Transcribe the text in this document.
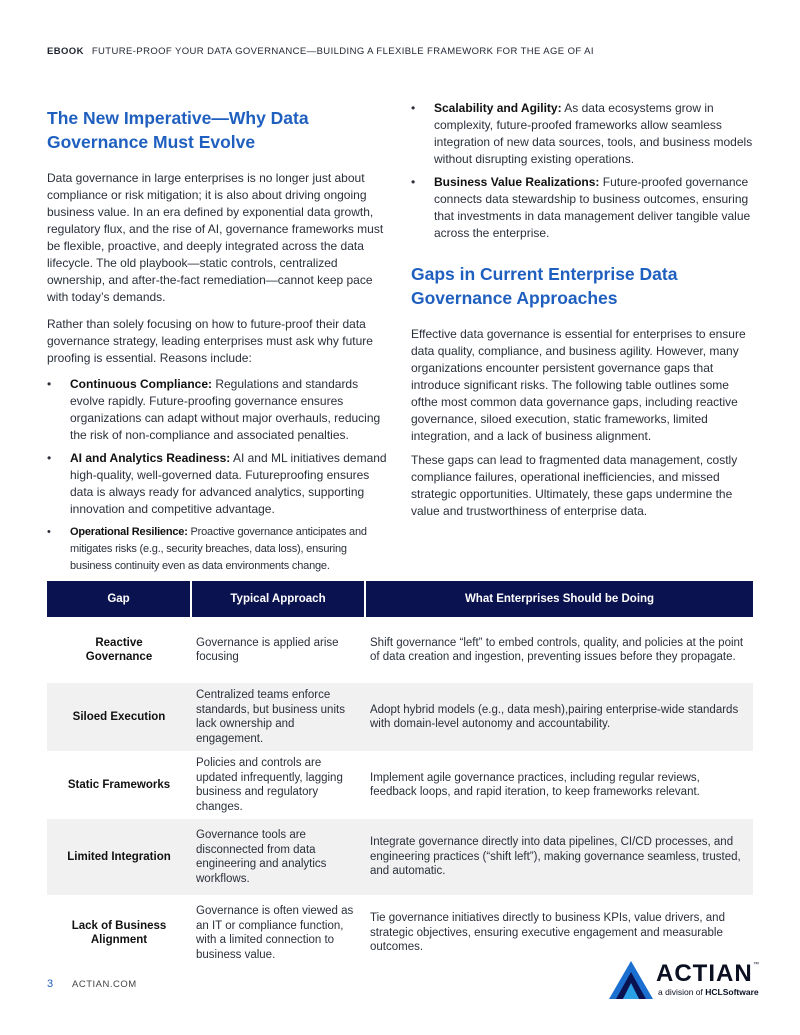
EBOOK FUTURE-PROOF YOUR DATA GOVERNANCE—BUILDING A FLEXIBLE FRAMEWORK FOR THE AGE OF AI
The New Imperative—Why Data Governance Must Evolve

Data governance in large enterprises is no longer just about compliance or risk mitigation; it is also about driving ongoing business value. In an era defined by exponential data growth, regulatory flux, and the rise of AI, governance frameworks must be flexible, proactive, and deeply integrated across the data lifecycle. The old playbook—static controls, centralized ownership, and after-the-fact remediation—cannot keep pace with today’s demands.

Rather than solely focusing on how to future-proof their data governance strategy, leading enterprises must ask why future proofing is essential. Reasons include:

• Continuous Compliance: Regulations and standards evolve rapidly. Future-proofing governance ensures organizations can adapt without major overhauls, reducing the risk of non-compliance and associated penalties.
• AI and Analytics Readiness: AI and ML initiatives demand high-quality, well-governed data. Futureproofing ensures data is always ready for advanced analytics, supporting innovation and competitive advantage.
• Operational Resilience: Proactive governance anticipates and mitigates risks (e.g., security breaches, data loss), ensuring business continuity even as data environments change.
• Scalability and Agility: As data ecosystems grow in complexity, future-proofed frameworks allow seamless integration of new data sources, tools, and business models without disrupting existing operations.
• Business Value Realizations: Future-proofed governance connects data stewardship to business outcomes, ensuring that investments in data management deliver tangible value across the enterprise.
Gaps in Current Enterprise Data Governance Approaches

Effective data governance is essential for enterprises to ensure data quality, compliance, and business agility. However, many organizations encounter persistent governance gaps that introduce significant risks. The following table outlines some ofthe most common data governance gaps, including reactive governance, siloed execution, static frameworks, limited integration, and a lack of business alignment.

These gaps can lead to fragmented data management, costly compliance failures, operational inefficiencies, and missed strategic opportunities. Ultimately, these gaps undermine the value and trustworthiness of enterprise data.

Gap	Typical Approach	What Enterprises Should be Doing
Reactive Governance	Governance is applied arise focusing	Shift governance “left” to embed controls, quality, and policies at the point of data creation and ingestion, preventing issues before they propagate.
Siloed Execution	Centralized teams enforce standards, but business units lack ownership and engagement.	Adopt hybrid models (e.g., data mesh),pairing enterprise-wide standards with domain-level autonomy and accountability.
Static Frameworks	Policies and controls are updated infrequently, lagging business and regulatory changes.	Implement agile governance practices, including regular reviews, feedback loops, and rapid iteration, to keep frameworks relevant.
Limited Integration	Governance tools are disconnected from data engineering and analytics workflows.	Integrate governance directly into data pipelines, CI/CD processes, and engineering practices (“shift left”), making governance seamless, trusted, and automatic.
Lack of Business Alignment	Governance is often viewed as an IT or compliance function, with a limited connection to business value.	Tie governance initiatives directly to business KPIs, value drivers, and strategic objectives, ensuring executive engagement and measurable outcomes.
3 ACTIAN.COM	ACTIAN ™
a division of HCLSoftware
